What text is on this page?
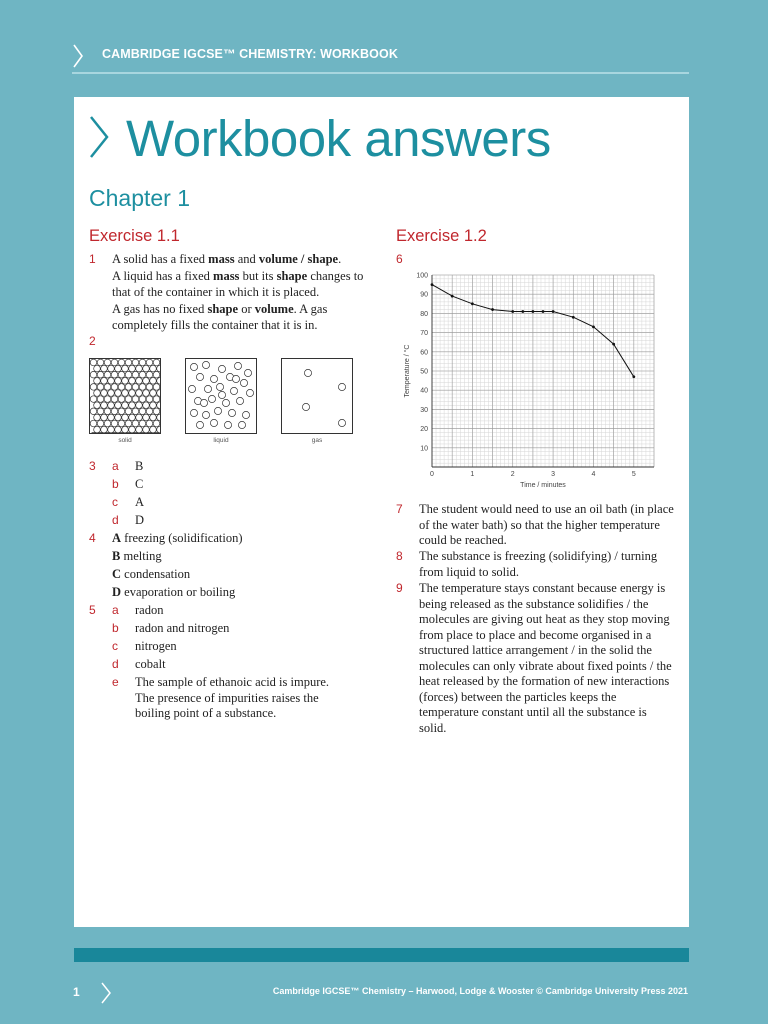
CAMBRIDGE IGCSE™ CHEMISTRY: WORKBOOK
Workbook answers
Chapter 1
Exercise 1.1
1 A solid has a fixed mass and volume / shape.
A liquid has a fixed mass but its shape changes to that of the container in which it is placed.
A gas has no fixed shape or volume. A gas completely fills the container that it is in.
2
solid	liquid	gas
3 a B
b C
c A
d D
4 A freezing (solidification)
B melting
C condensation
D evaporation or boiling
5 a radon
b radon and nitrogen
c nitrogen
d cobalt
e The sample of ethanoic acid is impure. The presence of impurities raises the boiling point of a substance.
Exercise 1.2
6
10
20
30
40
50
60
70
80
90
100
0	1	2	3	4	5
Time / minutes
Temperature / °C
7 The student would need to use an oil bath (in place of the water bath) so that the higher temperature could be reached.
8 The substance is freezing (solidifying) / turning from liquid to solid.
9 The temperature stays constant because energy is being released as the substance solidifies / the molecules are giving out heat as they stop moving from place to place and become organised in a structured lattice arrangement / in the solid the molecules can only vibrate about fixed points / the heat released by the formation of new interactions (forces) between the particles keeps the temperature constant until all the substance is solid.
1	Cambridge IGCSE™ Chemistry – Harwood, Lodge & Wooster © Cambridge University Press 2021
